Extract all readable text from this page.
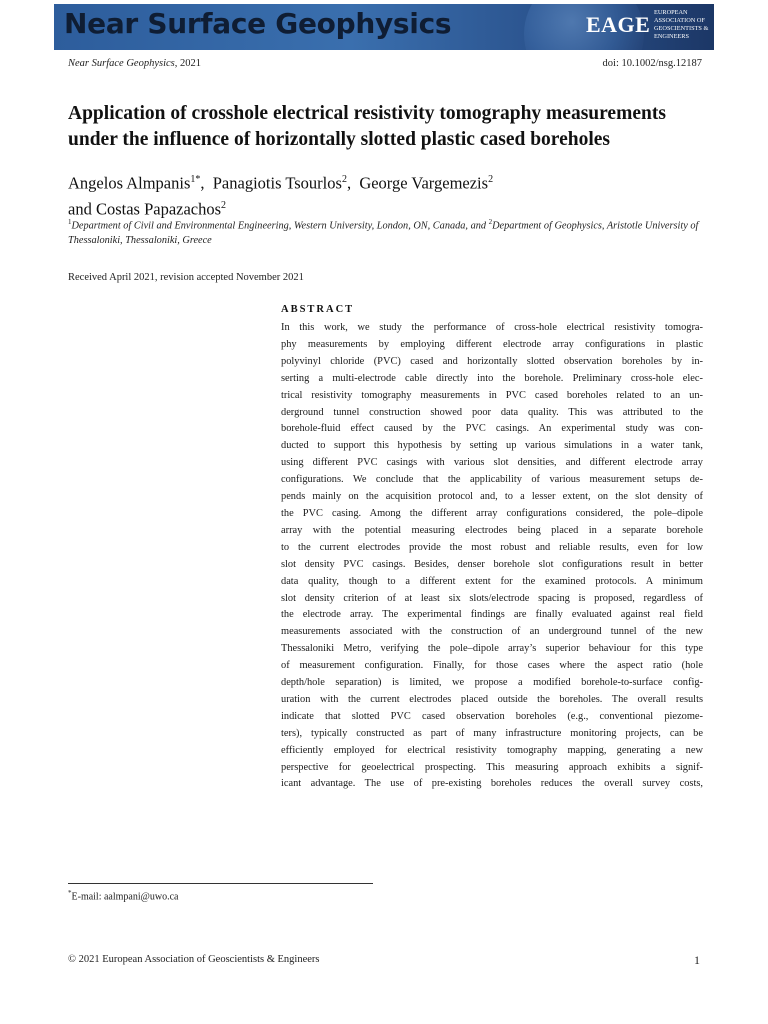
Near Surface Geophysics	EAGE EUROPEAN
ASSOCIATION OF
GEOSCIENTISTS &
ENGINEERS
Near Surface Geophysics, 2021	doi: 10.1002/nsg.12187
Application of crosshole electrical resistivity tomography measurements under the influence of horizontally slotted plastic cased boreholes
Angelos Almpanis$^{1*}$,  Panagiotis Tsourlos$^2$,  George Vargemezis$^2$
and Costas Papazachos$^2$
$^1$Department of Civil and Environmental Engineering, Western University, London, ON, Canada, and $^2$Department of Geophysics, Aristotle University of Thessaloniki, Thessaloniki, Greece
Received April 2021, revision accepted November 2021
ABSTRACT
In this work, we study the performance of cross-hole electrical resistivity tomogra-
phy measurements by employing different electrode array configurations in plastic
polyvinyl chloride (PVC) cased and horizontally slotted observation boreholes by in-
serting a multi-electrode cable directly into the borehole. Preliminary cross-hole elec-
trical resistivity tomography measurements in PVC cased boreholes related to an un-
derground tunnel construction showed poor data quality. This was attributed to the
borehole-fluid effect caused by the PVC casings. An experimental study was con-
ducted to support this hypothesis by setting up various simulations in a water tank,
using different PVC casings with various slot densities, and different electrode array
configurations. We conclude that the applicability of various measurement setups de-
pends mainly on the acquisition protocol and, to a lesser extent, on the slot density of
the PVC casing. Among the different array configurations considered, the pole–dipole
array with the potential measuring electrodes being placed in a separate borehole
to the current electrodes provide the most robust and reliable results, even for low
slot density PVC casings. Besides, denser borehole slot configurations result in better
data quality, though to a different extent for the examined protocols. A minimum
slot density criterion of at least six slots/electrode spacing is proposed, regardless of
the electrode array. The experimental findings are finally evaluated against real field
measurements associated with the construction of an underground tunnel of the new
Thessaloniki Metro, verifying the pole–dipole array’s superior behaviour for this type
of measurement configuration. Finally, for those cases where the aspect ratio (hole
depth/hole separation) is limited, we propose a modified borehole-to-surface config-
uration with the current electrodes placed outside the boreholes. The overall results
indicate that slotted PVC cased observation boreholes (e.g., conventional piezome-
ters), typically constructed as part of many infrastructure monitoring projects, can be
efficiently employed for electrical resistivity tomography mapping, generating a new
perspective for geoelectrical prospecting. This measuring approach exhibits a signif-
icant advantage. The use of pre-existing boreholes reduces the overall survey costs,
*E-mail: aalmpani@uwo.ca
© 2021 European Association of Geoscientists & Engineers	1
